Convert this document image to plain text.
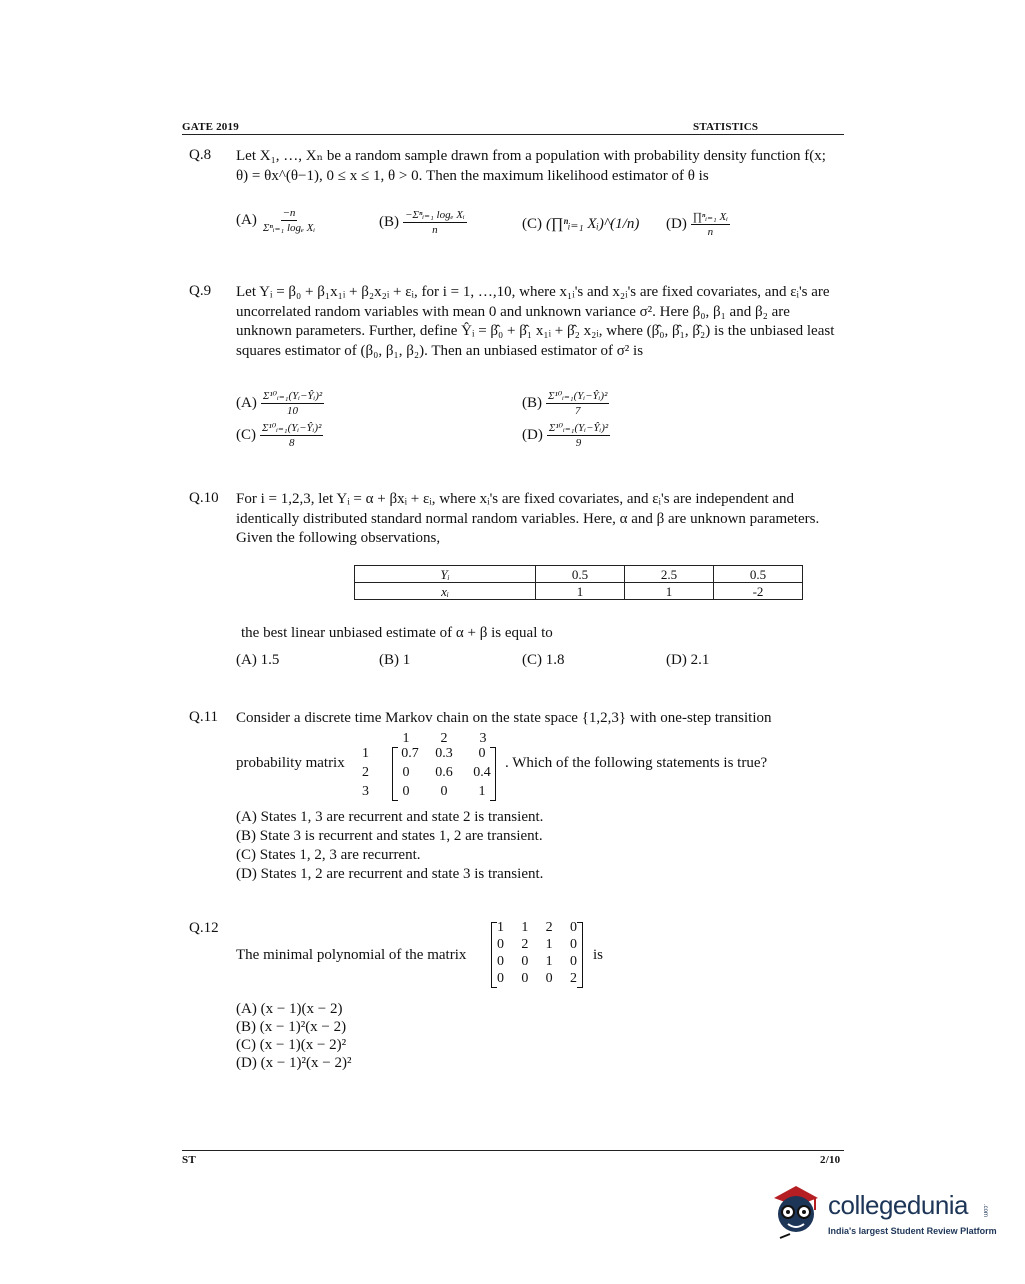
GATE 2019	STATISTICS
Q.8 Let X₁, …, Xₙ be a random sample drawn from a population with probability density function f(x; θ) = θx^(θ−1), 0 ≤ x ≤ 1, θ > 0. Then the maximum likelihood estimator of θ is
$(A) \frac{-n}{\text{Σⁿᵢ₌₁ logₑ Xᵢ}}$	$(B) \frac{\text{−Σⁿᵢ₌₁ logₑ Xᵢ}}{n}$	(C) (∏ⁿᵢ₌₁ Xᵢ)^(1/n) $(D) \frac{\text{∏ⁿᵢ₌₁ Xᵢ}}{n}$
Q.9 Let Yᵢ = β₀ + β₁x₁ᵢ + β₂x₂ᵢ + εᵢ, for i = 1, …,10, where x₁ᵢ's and x₂ᵢ's are fixed covariates, and εᵢ's are uncorrelated random variables with mean 0 and unknown variance σ². Here β₀, β₁ and β₂ are unknown parameters. Further, define Ŷᵢ = β̂₀ + β̂₁ x₁ᵢ + β̂₂ x₂ᵢ, where (β̂₀, β̂₁, β̂₂) is the unbiased least squares estimator of (β₀, β₁, β₂). Then an unbiased estimator of σ² is
$(A) \frac{\text{Σ¹⁰ᵢ₌₁(Yᵢ−Ŷᵢ)²}}{10}$	$(B) \frac{\text{Σ¹⁰ᵢ₌₁(Yᵢ−Ŷᵢ)²}}{7}$
$(C) \frac{\text{Σ¹⁰ᵢ₌₁(Yᵢ−Ŷᵢ)²}}{8}$	$(D) \frac{\text{Σ¹⁰ᵢ₌₁(Yᵢ−Ŷᵢ)²}}{9}$
Q.10 For i = 1,2,3, let Yᵢ = α + βxᵢ + εᵢ, where xᵢ's are fixed covariates, and εᵢ's are independent and identically distributed standard normal random variables. Here, α and β are unknown parameters. Given the following observations,
Yᵢ	0.5	2.5	0.5
xᵢ	1	1	-2
the best linear unbiased estimate of α + β is equal to
(A) 1.5	(B) 1	(C) 1.8	(D) 2.1
Q.11 Consider a discrete time Markov chain on the state space {1,2,3} with one-step transition
probability matrix
1	2	3
1
2
3
0.7	0.3	0
0	0.6	0.4
0	0	1
. Which of the following statements is true?
(A) States 1, 3 are recurrent and state 2 is transient.
(B) State 3 is recurrent and states 1, 2 are transient.
(C) States 1, 2, 3 are recurrent.
(D) States 1, 2 are recurrent and state 3 is transient.
Q.12
The minimal polynomial of the matrix
1 1 2 0
0 2 1 0
0 0 1 0
0 0 0 2
is
(A) (x − 1)(x − 2)
(B) (x − 1)²(x − 2)
(C) (x − 1)(x − 2)²
(D) (x − 1)²(x − 2)²
ST	2/10
collegedunia .com
India's largest Student Review Platform
